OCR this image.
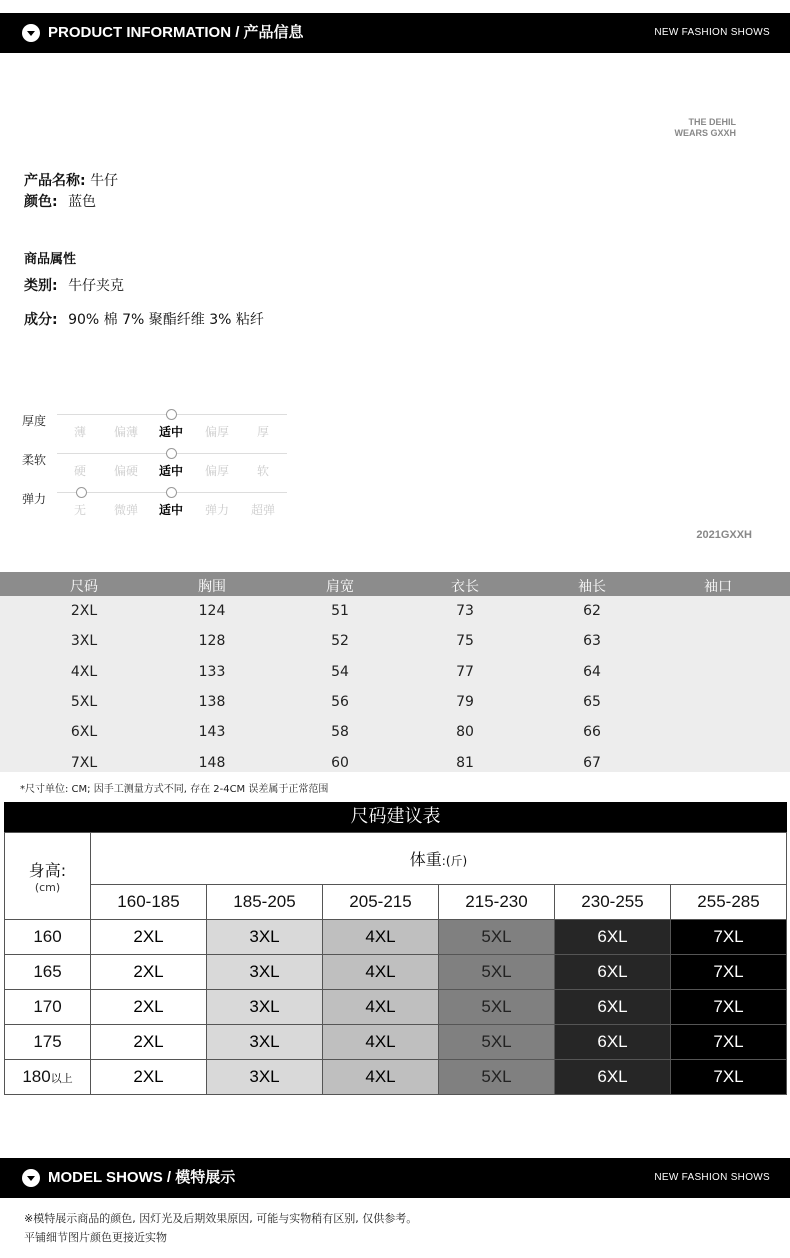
PRODUCT INFORMATION / 产品信息	NEW FASHION SHOWS
THE DEHIL
WEARS GXXH
产品名称: 牛仔
颜色: 蓝色
商品属性
类别: 牛仔夹克
成分: 90% 棉 7% 聚酯纤维 3% 粘纤
厚度
薄	偏薄	适中	偏厚	厚
柔软
硬	偏硬	适中	偏厚	软
弹力
无	微弹	适中	弹力	超弹
2021GXXH
尺码	胸围	肩宽	衣长	袖长	袖口
2XL	124	51	73	62
3XL	128	52	75	63
4XL	133	54	77	64
5XL	138	56	79	65
6XL	143	58	80	66
7XL	148	60	81	67
*尺寸单位: CM; 因手工测量方式不同, 存在 2-4CM 误差属于正常范围
尺码建议表
身高:
(cm)	体重:(斤)					
	160-185	185-205	205-215	215-230	230-255	255-285
160	2XL	3XL	4XL	5XL	6XL	7XL
165	2XL	3XL	4XL	5XL	6XL	7XL
170	2XL	3XL	4XL	5XL	6XL	7XL
175	2XL	3XL	4XL	5XL	6XL	7XL
180以上	2XL	3XL	4XL	5XL	6XL	7XL
MODEL SHOWS / 模特展示	NEW FASHION SHOWS
※模特展示商品的颜色, 因灯光及后期效果原因, 可能与实物稍有区别, 仅供参考。
平铺细节图片颜色更接近实物
